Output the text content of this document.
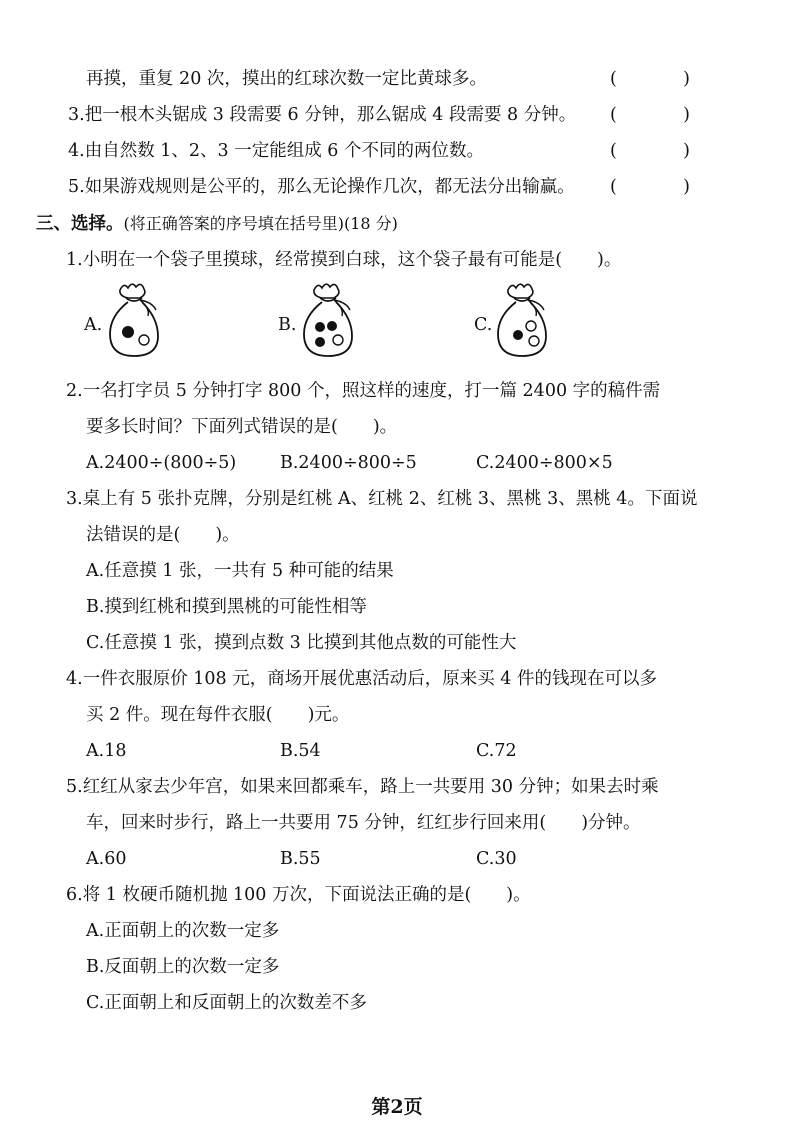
再摸，重复 20 次，摸出的红球次数一定比黄球多。	(	)
3.把一根木头锯成 3 段需要 6 分钟，那么锯成 4 段需要 8 分钟。 (	)
4.由自然数 1、2、3 一定能组成 6 个不同的两位数。	(	)
5.如果游戏规则是公平的，那么无论操作几次，都无法分出输赢。 (	)
三、选择。(将正确答案的序号填在括号里)(18 分)
1.小明在一个袋子里摸球，经常摸到白球，这个袋子最有可能是(　　)。
A.	B.	C.
2.一名打字员 5 分钟打字 800 个，照这样的速度，打一篇 2400 字的稿件需
要多长时间？下面列式错误的是(　　)。
A.2400÷(800÷5) B.2400÷800÷5	C.2400÷800×5
3.桌上有 5 张扑克牌，分别是红桃 A、红桃 2、红桃 3、黑桃 3、黑桃 4。下面说
法错误的是(　　)。
A.任意摸 1 张，一共有 5 种可能的结果
B.摸到红桃和摸到黑桃的可能性相等
C.任意摸 1 张，摸到点数 3 比摸到其他点数的可能性大
4.一件衣服原价 108 元，商场开展优惠活动后，原来买 4 件的钱现在可以多
买 2 件。现在每件衣服(　　)元。
A.18	B.54	C.72
5.红红从家去少年宫，如果来回都乘车，路上一共要用 30 分钟；如果去时乘
车，回来时步行，路上一共要用 75 分钟，红红步行回来用(　　)分钟。
A.60	B.55	C.30
6.将 1 枚硬币随机抛 100 万次，下面说法正确的是(　　)。
A.正面朝上的次数一定多
B.反面朝上的次数一定多
C.正面朝上和反面朝上的次数差不多
第2页
